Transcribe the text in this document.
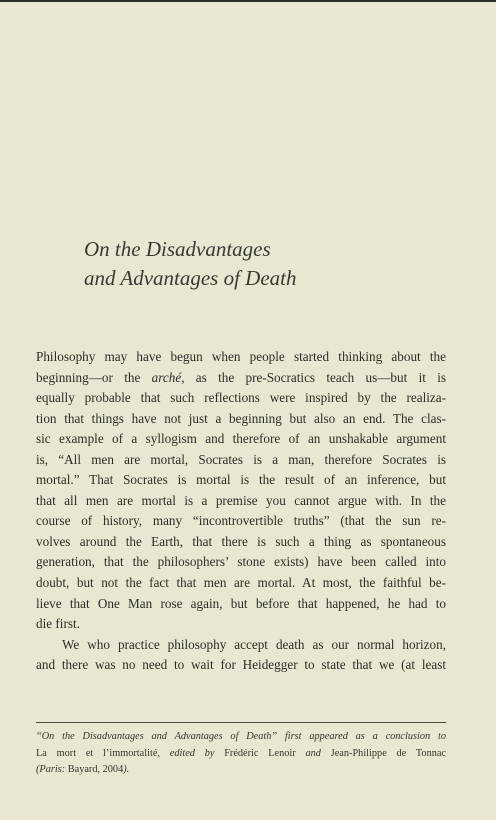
On the Disadvantages
and Advantages of Death
Philosophy may have begun when people started thinking about the
beginning—or the arché, as the pre-Socratics teach us—but it is
equally probable that such reflections were inspired by the realiza-
tion that things have not just a beginning but also an end. The clas-
sic example of a syllogism and therefore of an unshakable argument
is, “All men are mortal, Socrates is a man, therefore Socrates is
mortal.” That Socrates is mortal is the result of an inference, but
that all men are mortal is a premise you cannot argue with. In the
course of history, many “incontrovertible truths” (that the sun re-
volves around the Earth, that there is such a thing as spontaneous
generation, that the philosophers’ stone exists) have been called into
doubt, but not the fact that men are mortal. At most, the faithful be-
lieve that One Man rose again, but before that happened, he had to
die first.
We who practice philosophy accept death as our normal horizon,
and there was no need to wait for Heidegger to state that we (at least
“On the Disadvantages and Advantages of Death” first appeared as a conclusion to
La mort et l’immortalité, edited by Frédéric Lenoir and Jean-Philippe de Tonnac
(Paris: Bayard, 2004).
